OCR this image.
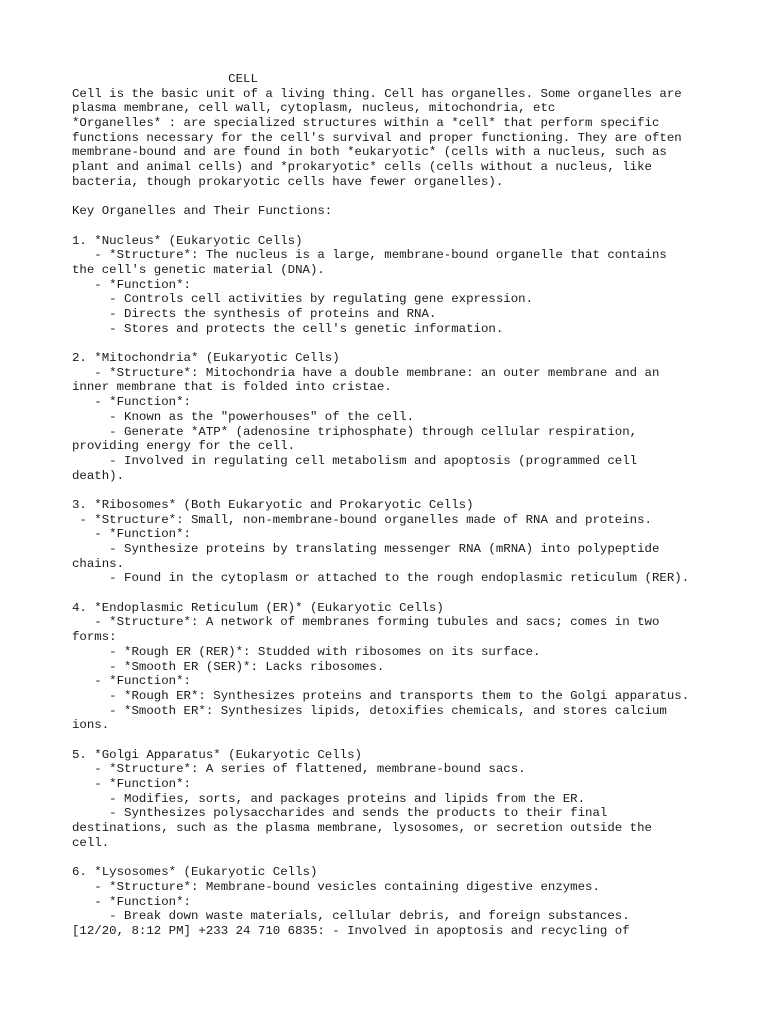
CELL
Cell is the basic unit of a living thing. Cell has organelles. Some organelles are
plasma membrane, cell wall, cytoplasm, nucleus, mitochondria, etc
*Organelles* : are specialized structures within a *cell* that perform specific
functions necessary for the cell's survival and proper functioning. They are often
membrane-bound and are found in both *eukaryotic* (cells with a nucleus, such as
plant and animal cells) and *prokaryotic* cells (cells without a nucleus, like
bacteria, though prokaryotic cells have fewer organelles).
Key Organelles and Their Functions:
1. *Nucleus* (Eukaryotic Cells)
- *Structure*: The nucleus is a large, membrane-bound organelle that contains
the cell's genetic material (DNA).
- *Function*:
- Controls cell activities by regulating gene expression.
- Directs the synthesis of proteins and RNA.
- Stores and protects the cell's genetic information.
2. *Mitochondria* (Eukaryotic Cells)
- *Structure*: Mitochondria have a double membrane: an outer membrane and an
inner membrane that is folded into cristae.
- *Function*:
- Known as the "powerhouses" of the cell.
- Generate *ATP* (adenosine triphosphate) through cellular respiration,
providing energy for the cell.
- Involved in regulating cell metabolism and apoptosis (programmed cell
death).
3. *Ribosomes* (Both Eukaryotic and Prokaryotic Cells)
- *Structure*: Small, non-membrane-bound organelles made of RNA and proteins.
- *Function*:
- Synthesize proteins by translating messenger RNA (mRNA) into polypeptide
chains.
- Found in the cytoplasm or attached to the rough endoplasmic reticulum (RER).
4. *Endoplasmic Reticulum (ER)* (Eukaryotic Cells)
- *Structure*: A network of membranes forming tubules and sacs; comes in two
forms:
- *Rough ER (RER)*: Studded with ribosomes on its surface.
- *Smooth ER (SER)*: Lacks ribosomes.
- *Function*:
- *Rough ER*: Synthesizes proteins and transports them to the Golgi apparatus.
- *Smooth ER*: Synthesizes lipids, detoxifies chemicals, and stores calcium
ions.
5. *Golgi Apparatus* (Eukaryotic Cells)
- *Structure*: A series of flattened, membrane-bound sacs.
- *Function*:
- Modifies, sorts, and packages proteins and lipids from the ER.
- Synthesizes polysaccharides and sends the products to their final
destinations, such as the plasma membrane, lysosomes, or secretion outside the
cell.
6. *Lysosomes* (Eukaryotic Cells)
- *Structure*: Membrane-bound vesicles containing digestive enzymes.
- *Function*:
- Break down waste materials, cellular debris, and foreign substances.
[12/20, 8:12 PM] +233 24 710 6835: - Involved in apoptosis and recycling of
